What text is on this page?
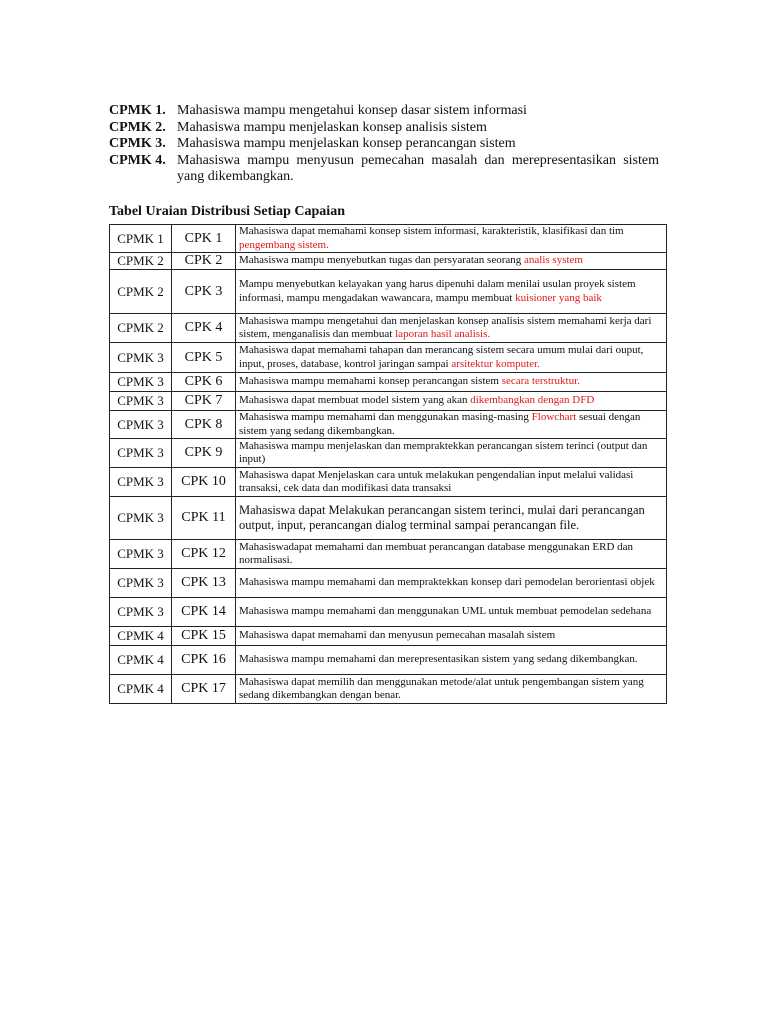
CPMK 1. Mahasiswa mampu mengetahui konsep dasar sistem informasi
CPMK 2. Mahasiswa mampu menjelaskan konsep analisis sistem
CPMK 3. Mahasiswa mampu menjelaskan konsep perancangan sistem
CPMK 4. Mahasiswa mampu menyusun pemecahan masalah dan merepresentasikan sistem yang dikembangkan.
Tabel Uraian Distribusi Setiap Capaian
CPMK 1	CPK 1	Mahasiswa dapat memahami konsep sistem informasi, karakteristik, klasifikasi dan tim pengembang sistem.
CPMK 2	CPK 2	Mahasiswa mampu menyebutkan tugas dan persyaratan seorang analis system
CPMK 2	CPK 3	Mampu menyebutkan kelayakan yang harus dipenuhi dalam menilai usulan proyek sistem informasi, mampu mengadakan wawancara, mampu membuat kuisioner yang baik
CPMK 2	CPK 4	Mahasiswa mampu mengetahui dan menjelaskan konsep analisis sistem memahami kerja dari sistem, menganalisis dan membuat laporan hasil analisis.
CPMK 3	CPK 5	Mahasiswa dapat memahami tahapan dan merancang sistem secara umum mulai dari ouput, input, proses, database, kontrol jaringan sampai arsitektur komputer.
CPMK 3	CPK 6	Mahasiswa mampu memahami konsep perancangan sistem secara terstruktur.
CPMK 3	CPK 7	Mahasiswa dapat membuat model sistem yang akan dikembangkan dengan DFD
CPMK 3	CPK 8	Mahasiswa mampu memahami dan menggunakan masing-masing Flowchart sesuai dengan sistem yang sedang dikembangkan.
CPMK 3	CPK 9	Mahasiswa mampu menjelaskan dan mempraktekkan perancangan sistem terinci (output dan input)
CPMK 3	CPK 10	Mahasiswa dapat Menjelaskan cara untuk melakukan pengendalian input melalui validasi transaksi, cek data dan modifikasi data transaksi
CPMK 3	CPK 11	Mahasiswa dapat Melakukan perancangan sistem terinci, mulai dari perancangan output, input, perancangan dialog terminal sampai perancangan file.
CPMK 3	CPK 12	Mahasiswadapat memahami dan membuat perancangan database menggunakan ERD dan normalisasi.
CPMK 3	CPK 13	Mahasiswa mampu memahami dan mempraktekkan konsep dari pemodelan berorientasi objek
CPMK 3	CPK 14	Mahasiswa mampu memahami dan menggunakan UML untuk membuat pemodelan sedehana
CPMK 4	CPK 15	Mahasiswa dapat memahami dan menyusun pemecahan masalah sistem
CPMK 4	CPK 16	Mahasiswa mampu memahami dan merepresentasikan sistem yang sedang dikembangkan.
CPMK 4	CPK 17	Mahasiswa dapat memilih dan menggunakan metode/alat untuk pengembangan sistem yang sedang dikembangkan dengan benar.
